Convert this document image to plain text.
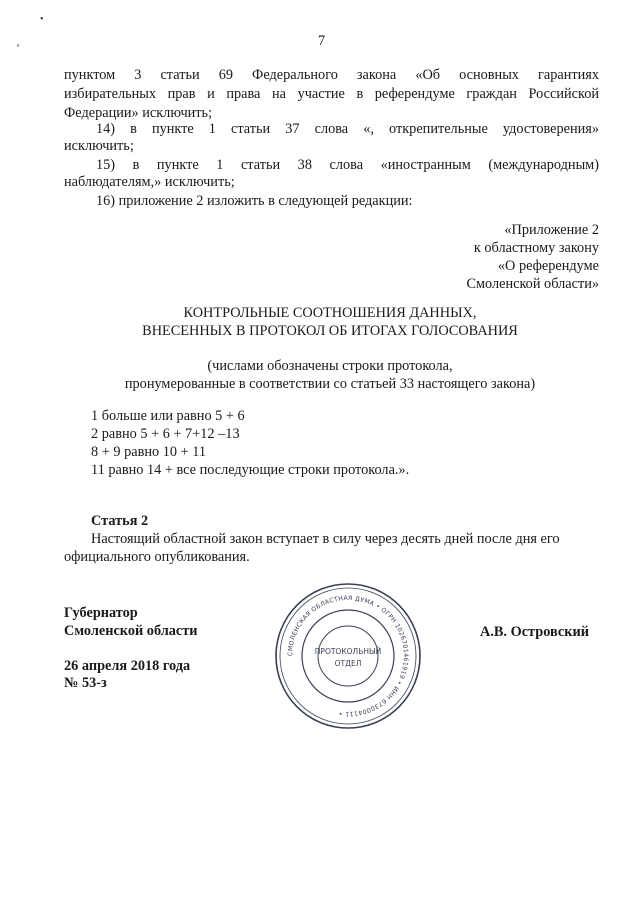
•
ₑ	7
пунктом 3 статьи 69 Федерального закона «Об основных гарантиях
избирательных прав и права на участие в референдуме граждан Российской
Федерации» исключить;
14) в пункте 1 статьи 37 слова «, открепительные удостоверения»
исключить;
15) в пункте 1 статьи 38 слова «иностранным (международным)
наблюдателям,» исключить;
16) приложение 2 изложить в следующей редакции:
«Приложение 2
к областному закону
«О референдуме
Смоленской области»
КОНТРОЛЬНЫЕ СООТНОШЕНИЯ ДАННЫХ,
ВНЕСЕННЫХ В ПРОТОКОЛ ОБ ИТОГАХ ГОЛОСОВАНИЯ
(числами обозначены строки протокола,
пронумерованные в соответствии со статьей 33 настоящего закона)
1 больше или равно 5 + 6
2 равно 5 + 6 + 7+12 –13
8 + 9 равно 10 + 11
11 равно 14 + все последующие строки протокола.».
Статья 2
Настоящий областной закон вступает в силу через десять дней после дня его
официального опубликования.
Губернатор
Смоленской области	А.В. Островский
26 апреля 2018 года
№ 53-з
СМОЛЕНСКАЯ ОБЛАСТНАЯ ДУМА • ОГРН 1026701461919 • ИНН 6730004111 •
ПРОТОКОЛЬНЫЙ
ОТДЕЛ
